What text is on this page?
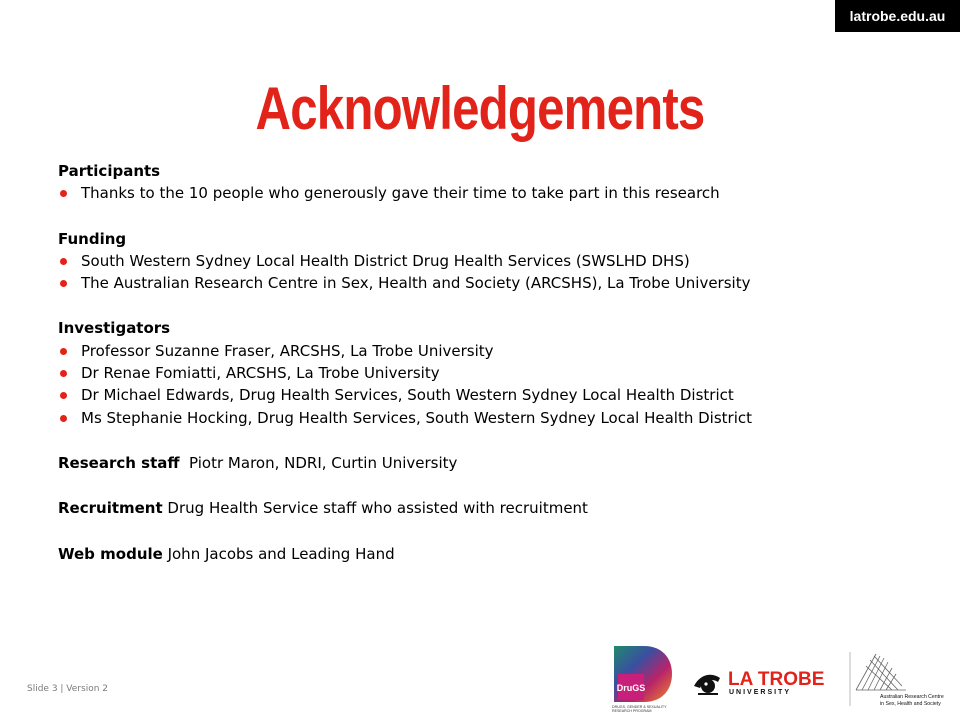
latrobe.edu.au
Acknowledgements
Participants
Thanks to the 10 people who generously gave their time to take part in this research
Funding
South Western Sydney Local Health District Drug Health Services (SWSLHD DHS)
The Australian Research Centre in Sex, Health and Society (ARCSHS), La Trobe University
Investigators
Professor Suzanne Fraser, ARCSHS, La Trobe University
Dr Renae Fomiatti, ARCSHS, La Trobe University
Dr Michael Edwards, Drug Health Services, South Western Sydney Local Health District
Ms Stephanie Hocking, Drug Health Services, South Western Sydney Local Health District
Research staff  Piotr Maron, NDRI, Curtin University
Recruitment Drug Health Service staff who assisted with recruitment
Web module John Jacobs and Leading Hand
Slide 3 | Version 2	DruGS
DRUGS, GENDER & SEXUALITY RESEARCH PROGRAM
LA TROBE
UNIVERSITY
Australian Research Centre
in Sex, Health and Society
